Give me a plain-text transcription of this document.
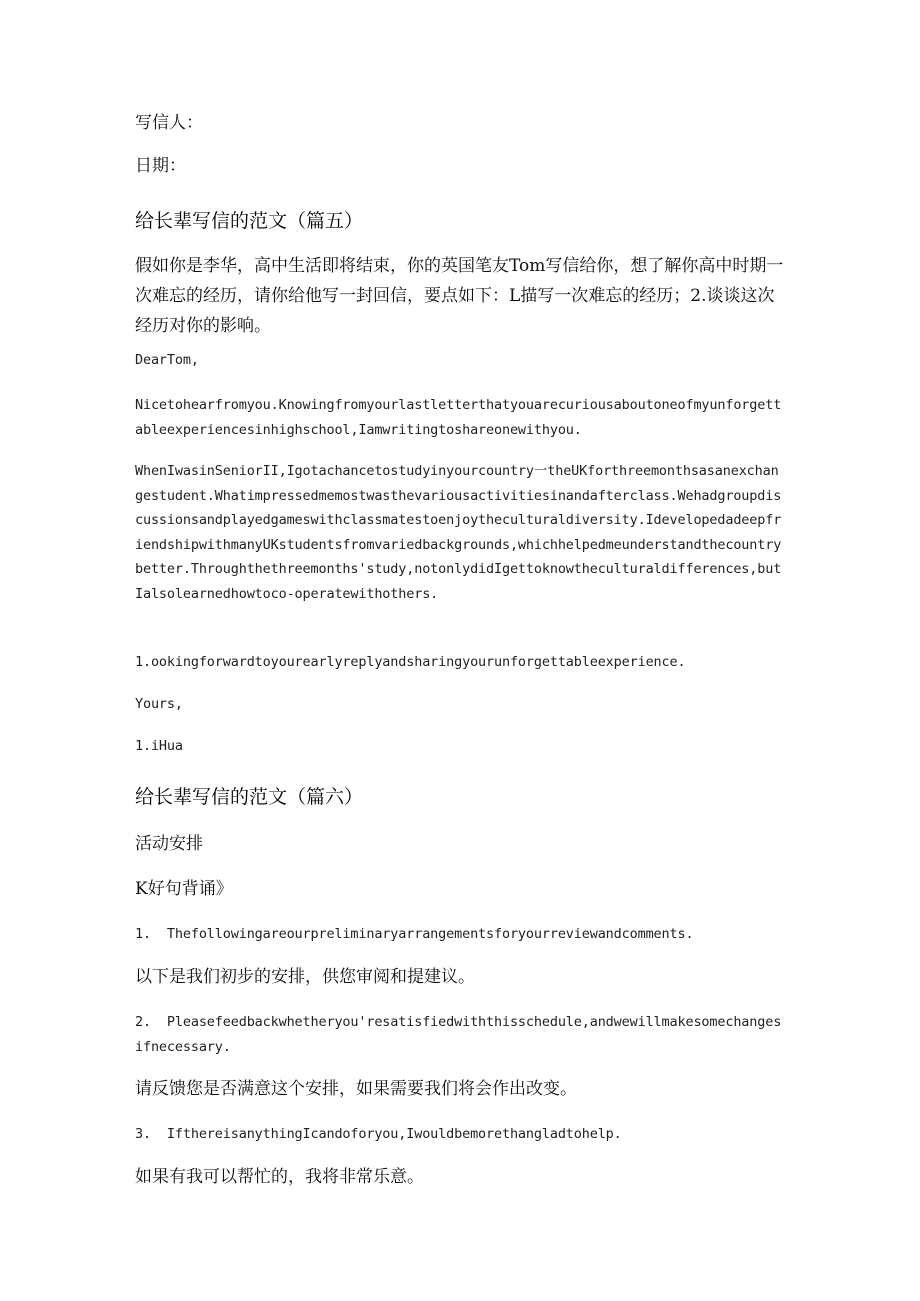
写信人：

日期：

给长辈写信的范文（篇五）

假如你是李华，高中生活即将结束，你的英国笔友Tom写信给你，想了解你高中时期一次难忘的经历，请你给他写一封回信，要点如下：L描写一次难忘的经历；2.谈谈这次经历对你的影响。

DearTom,

Nicetohearfromyou.Knowingfromyourlastletterthatyouarecuriousaboutoneofmyunforgettableexperiencesinhighschool,Iamwritingtoshareonewithyou.

WhenIwasinSeniorII,Igotachancetostudyinyourcountry一theUKforthreemonthsasanexchangestudent.Whatimpressedmemostwasthevariousactivitiesinandafterclass.Wehadgroupdiscussionsandplayedgameswithclassmatestoenjoytheculturaldiversity.IdevelopedadeepfriendshipwithmanyUKstudentsfromvariedbackgrounds,whichhelpedmeunderstandthecountrybetter.Throughthethreemonths'study,notonlydidIgettoknowtheculturaldifferences,butIalsolearnedhowtoco-operatewithothers.

1.ookingforwardtoyourearlyreplyandsharingyourunforgettableexperience.

Yours,

1.iHua

给长辈写信的范文（篇六）

活动安排

K好句背诵》

1.  Thefollowingareourpreliminaryarrangementsforyourreviewandcomments.

以下是我们初步的安排，供您审阅和提建议。

2.  Pleasefeedbackwhetheryou'resatisfiedwiththisschedule,andwewillmakesomechangesifnecessary.

请反馈您是否满意这个安排，如果需要我们将会作出改变。

3.  IfthereisanythingIcandoforyou,Iwouldbemorethangladtohelp.

如果有我可以帮忙的，我将非常乐意。
